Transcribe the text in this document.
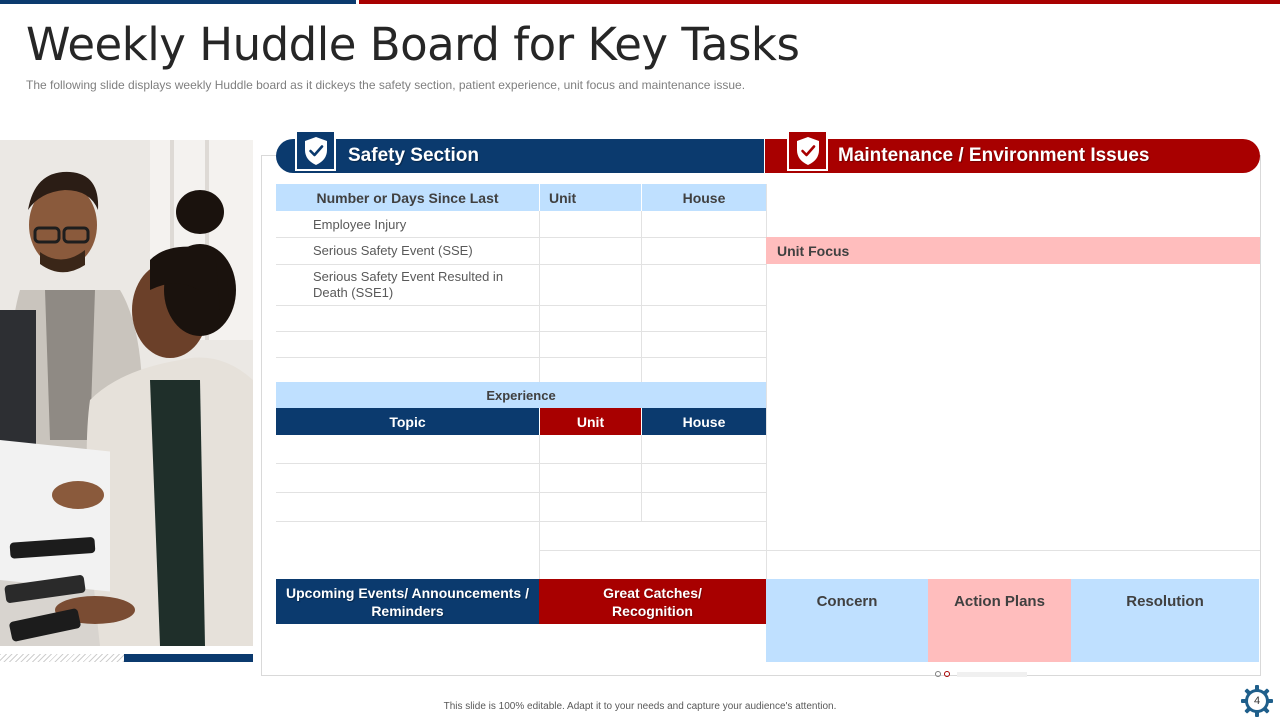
Weekly Huddle Board for Key Tasks
The following slide displays weekly Huddle board as it dickeys the safety section, patient experience, unit focus and maintenance issue.
Safety Section	Maintenance / Environment Issues
Number or Days Since Last	Unit	House
Employee Injury
Serious Safety Event (SSE)
Serious Safety Event Resulted in Death (SSE1)
Experience
Topic	Unit	House
Unit Focus
Upcoming Events/ Announcements / Reminders
Great Catches/ Recognition
Concern	Action Plans	Resolution
This slide is 100% editable. Adapt it to your needs and capture your audience's attention.	4
